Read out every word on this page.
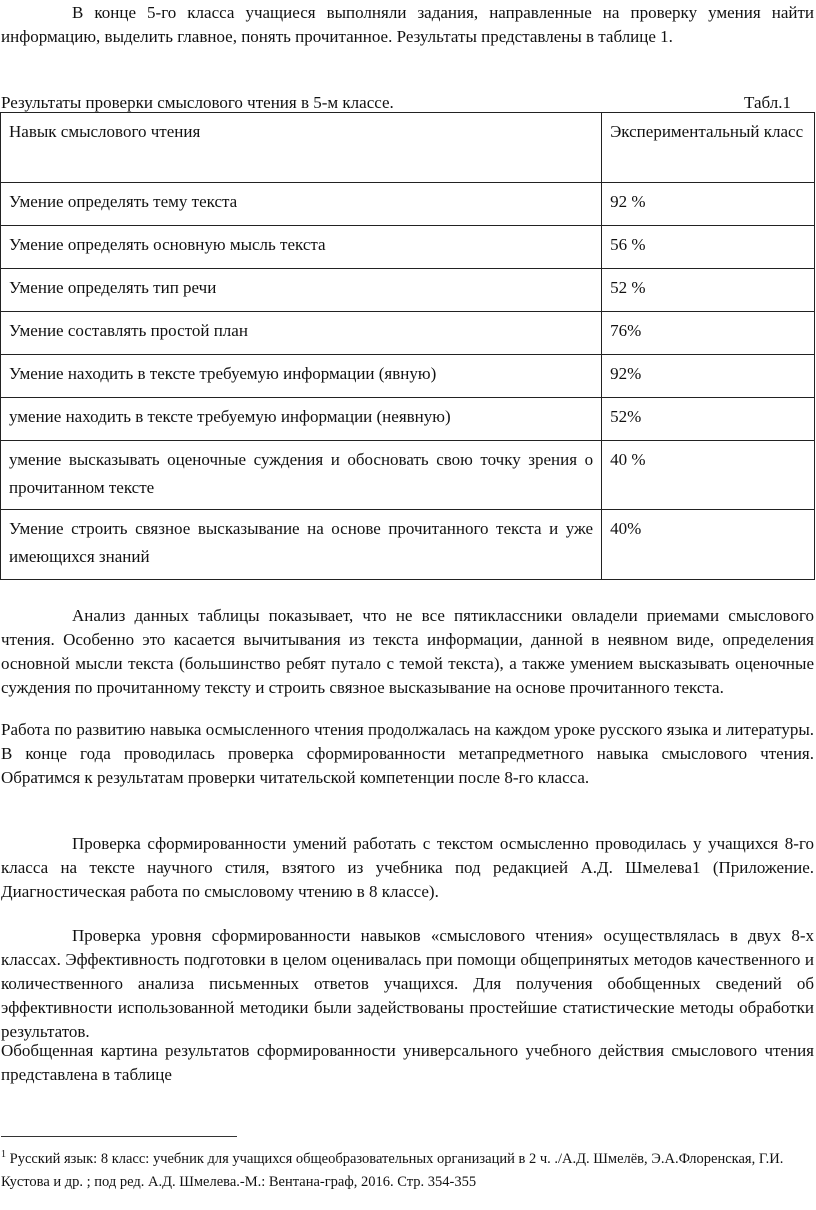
В конце 5-го класса учащиеся выполняли задания, направленные на проверку умения найти информацию, выделить главное, понять прочитанное. Результаты представлены в таблице 1.

Результаты проверки смыслового чтения в 5-м классе.	Табл.1
Навык смыслового чтения	Экспериментальный класс
Умение определять тему текста	92 %
Умение определять основную мысль текста	56 %
Умение определять тип речи	52 %
Умение составлять простой план	76%
Умение находить в тексте требуемую информации (явную)	92%
умение находить в тексте требуемую информации (неявную)	52%
умение высказывать оценочные суждения и обосновать свою точку зрения о прочитанном тексте	40 %
Умение строить связное высказывание на основе прочитанного текста и уже имеющихся знаний	40%

Анализ данных таблицы показывает, что не все пятиклассники овладели приемами смыслового чтения. Особенно это касается вычитывания из текста информации, данной в неявном виде, определения основной мысли текста (большинство ребят путало с темой текста), а также умением высказывать оценочные суждения по прочитанному тексту и строить связное высказывание на основе прочитанного текста.

Работа по развитию навыка осмысленного чтения продолжалась на каждом уроке русского языка и литературы. В конце года проводилась проверка сформированности метапредметного навыка смыслового чтения. Обратимся к результатам проверки читательской компетенции после 8-го класса.

Проверка сформированности умений работать с текстом осмысленно проводилась у учащихся 8-го класса на тексте научного стиля, взятого из учебника под редакцией А.Д. Шмелева1 (Приложение. Диагностическая работа по смысловому чтению в 8 классе).

Проверка уровня сформированности навыков «смыслового чтения» осуществлялась в двух 8-х классах. Эффективность подготовки в целом оценивалась при помощи общепринятых методов качественного и количественного анализа письменных ответов учащихся. Для получения обобщенных сведений об эффективности использованной методики были задействованы простейшие статистические методы обработки результатов.

Обобщенная картина результатов сформированности универсального учебного действия смыслового чтения представлена в таблице

$^1$ Русский язык: 8 класс: учебник для учащихся общеобразовательных организаций в 2 ч. ./А.Д. Шмелёв, Э.А.Флоренская, Г.И. Кустова и др. ; под ред. А.Д. Шмелева.-М.: Вентана-граф, 2016. Стр. 354-355
